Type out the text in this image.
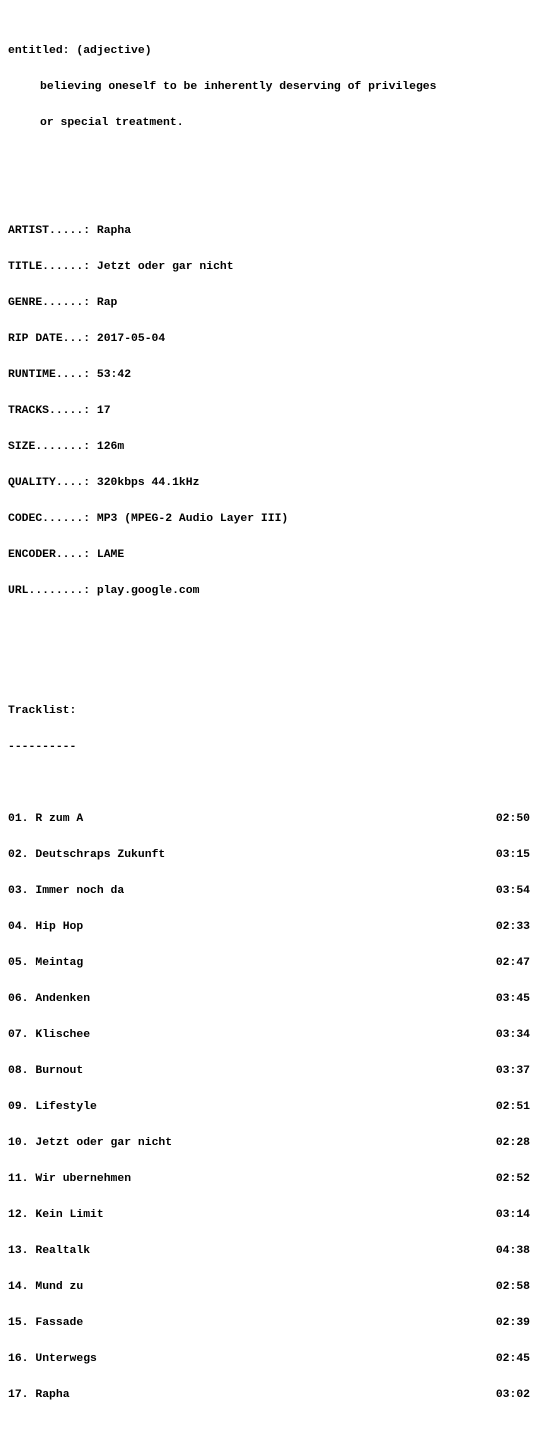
entitled: (adjective)

believing oneself to be inherently deserving of privileges

or special treatment.

ARTIST.....: Rapha

TITLE......: Jetzt oder gar nicht

GENRE......: Rap

RIP DATE...: 2017-05-04

RUNTIME....: 53:42

TRACKS.....: 17

SIZE.......: 126m

QUALITY....: 320kbps 44.1kHz

CODEC......: MP3 (MPEG-2 Audio Layer III)

ENCODER....: LAME

URL........: play.google.com

Tracklist:

----------

01. R zum A	02:50

02. Deutschraps Zukunft	03:15

03. Immer noch da	03:54

04. Hip Hop	02:33

05. Meintag	02:47

06. Andenken	03:45

07. Klischee	03:34

08. Burnout	03:37

09. Lifestyle	02:51

10. Jetzt oder gar nicht	02:28

11. Wir ubernehmen	02:52

12. Kein Limit	03:14

13. Realtalk	04:38

14. Mund zu	02:58

15. Fassade	02:39

16. Unterwegs	02:45

17. Rapha	03:02
